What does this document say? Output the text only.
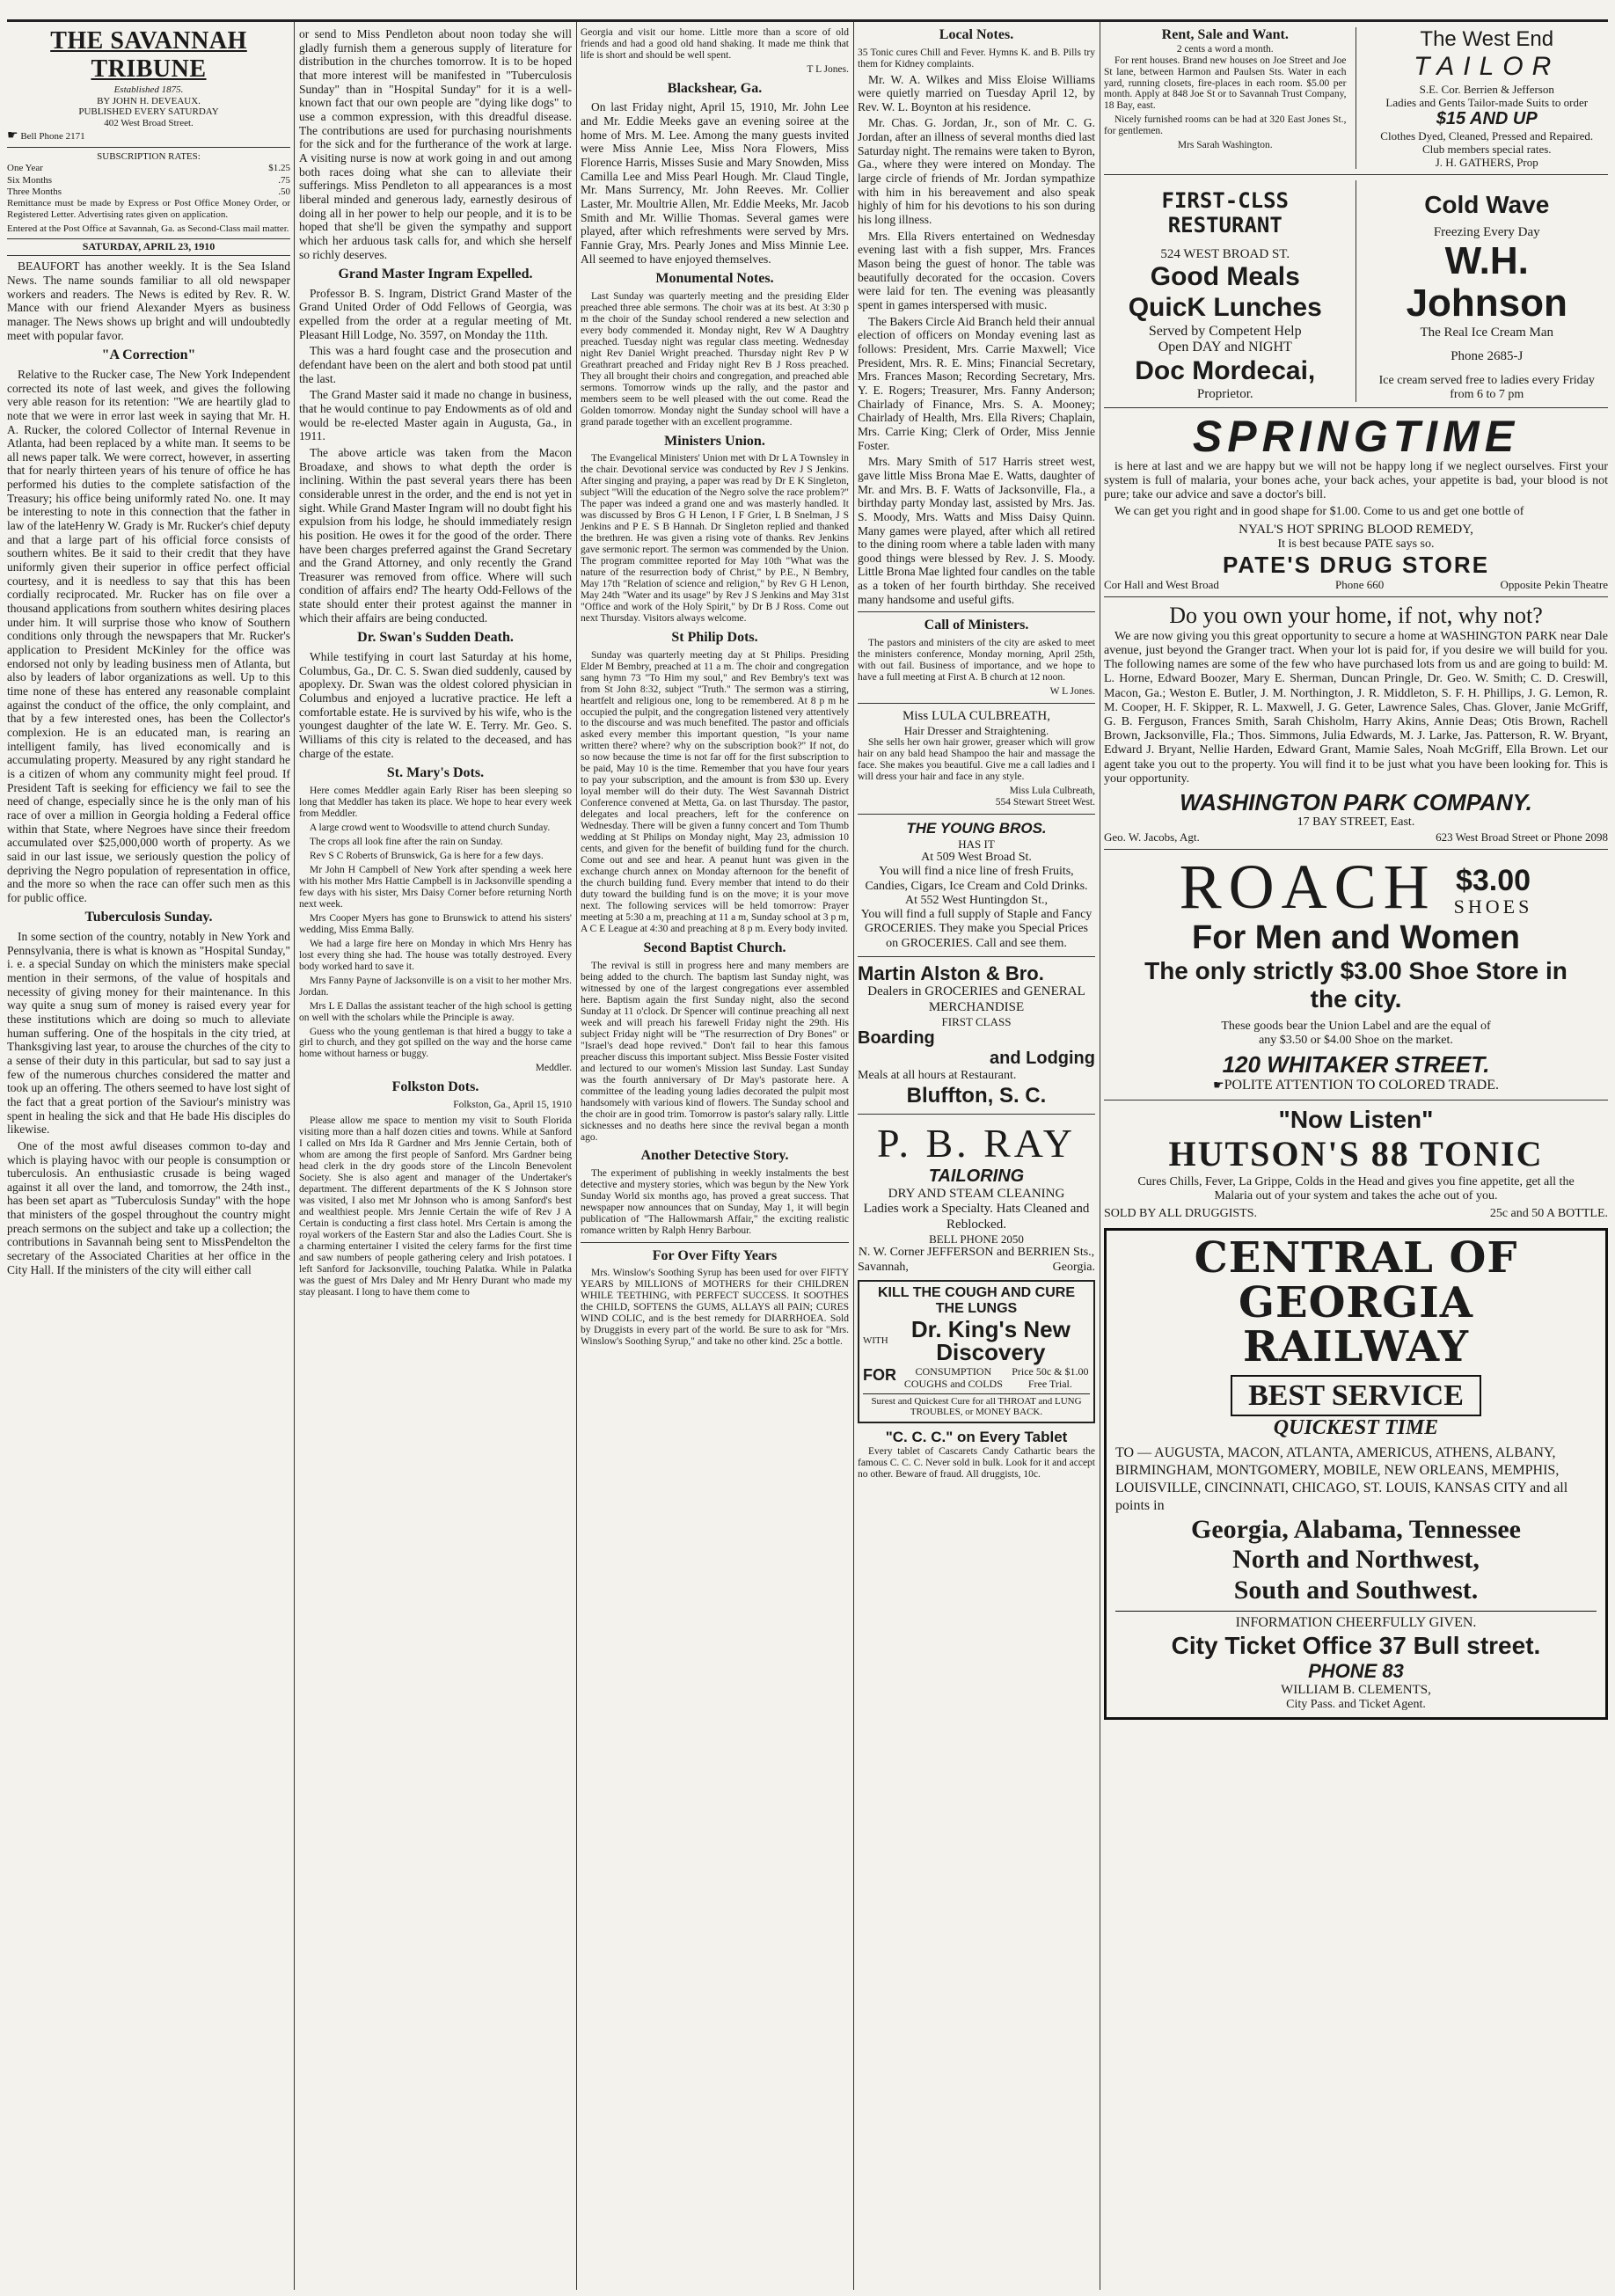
THE SAVANNAH TRIBUNE
Established 1875.
BY JOHN H. DEVEAUX.
PUBLISHED EVERY SATURDAY
402 West Broad Street.
☛ Bell Phone 2171
SUBSCRIPTION RATES:
One Year	$1.25
Six Months	.75
Three Months	.50
Remittance must be made by Express or Post Office Money Order, or Registered Letter. Advertising rates given on application.
Entered at the Post Office at Savannah, Ga. as Second-Class mail matter.
SATURDAY, APRIL 23, 1910

BEAUFORT has another weekly. It is the Sea Island News. The name sounds familiar to all old newspaper workers and readers. The News is edited by Rev. R. W. Mance with our friend Alexander Myers as business manager. The News shows up bright and will undoubtedly meet with popular favor.

"A Correction"

Relative to the Rucker case, The New York Independent corrected its note of last week, and gives the following very able reason for its retention: "We are heartily glad to note that we were in error last week in saying that Mr. H. A. Rucker, the colored Collector of Internal Revenue in Atlanta, had been replaced by a white man. It seems to be all news paper talk. We were correct, however, in asserting that for nearly thirteen years of his tenure of office he has performed his duties to the complete satisfaction of the Treasury; his office being uniformly rated No. one. It may be interesting to note in this connection that the father in law of the lateHenry W. Grady is Mr. Rucker's chief deputy and that a large part of his official force consists of southern whites. Be it said to their credit that they have uniformly given their superior in office perfect official courtesy, and it is needless to say that this has been cordially reciprocated. Mr. Rucker has on file over a thousand applications from southern whites desiring places under him. It will surprise those who know of Southern conditions only through the newspapers that Mr. Rucker's application to President McKinley for the office was endorsed not only by leading business men of Atlanta, but also by leaders of labor organizations as well. Up to this time none of these has entered any reasonable complaint against the conduct of the office, the only complaint, and that by a few interested ones, has been the Collector's complexion. He is an educated man, is rearing an intelligent family, has lived economically and is accumulating property. Measured by any right standard he is a citizen of whom any community might feel proud. If President Taft is seeking for efficiency we fail to see the need of change, especially since he is the only man of his race of over a million in Georgia holding a Federal office within that State, where Negroes have since their freedom accumulated over $25,000,000 worth of property. As we said in our last issue, we seriously question the policy of depriving the Negro population of representation in office, and the more so when the race can offer such men as this for public office.

Tuberculosis Sunday.

In some section of the country, notably in New York and Pennsylvania, there is what is known as "Hospital Sunday," i. e. a special Sunday on which the ministers make special mention in their sermons, of the value of hospitals and necessity of giving money for their maintenance. In this way quite a snug sum of money is raised every year for these institutions which are doing so much to alleviate human suffering. One of the hospitals in the city tried, at Thanksgiving last year, to arouse the churches of the city to a sense of their duty in this particular, but sad to say just a few of the numerous churches considered the matter and took up an offering. The others seemed to have lost sight of the fact that a great portion of the Saviour's ministry was spent in healing the sick and that He bade His disciples do likewise.

One of the most awful diseases common to-day and which is playing havoc with our people is consumption or tuberculosis. An enthusiastic crusade is being waged against it all over the land, and tomorrow, the 24th inst., has been set apart as "Tuberculosis Sunday" with the hope that ministers of the gospel throughout the country might preach sermons on the subject and take up a collection; the contributions in Savannah being sent to MissPendelton the secretary of the Associated Charities at her office in the City Hall. If the ministers of the city will either call

or send to Miss Pendleton about noon today she will gladly furnish them a generous supply of literature for distribution in the churches tomorrow. It is to be hoped that more interest will be manifested in "Tuberculosis Sunday" than in "Hospital Sunday" for it is a well-known fact that our own people are "dying like dogs" to use a common expression, with this dreadful disease. The contributions are used for purchasing nourishments for the sick and for the furtherance of the work at large. A visiting nurse is now at work going in and out among both races doing what she can to alleviate their sufferings. Miss Pendleton to all appearances is a most liberal minded and generous lady, earnestly desirous of doing all in her power to help our people, and it is to be hoped that she'll be given the sympathy and support which her arduous task calls for, and which she herself so richly deserves.

Grand Master Ingram Expelled.

Professor B. S. Ingram, District Grand Master of the Grand United Order of Odd Fellows of Georgia, was expelled from the order at a regular meeting of Mt. Pleasant Hill Lodge, No. 3597, on Monday the 11th.

This was a hard fought case and the prosecution and defendant have been on the alert and both stood pat until the last.

The Grand Master said it made no change in business, that he would continue to pay Endowments as of old and would be re-elected Master again in Augusta, Ga., in 1911.

The above article was taken from the Macon Broadaxe, and shows to what depth the order is inclining. Within the past several years there has been considerable unrest in the order, and the end is not yet in sight. While Grand Master Ingram will no doubt fight his expulsion from his lodge, he should immediately resign his position. He owes it for the good of the order. There have been charges preferred against the Grand Secretary and the Grand Attorney, and only recently the Grand Treasurer was removed from office. Where will such condition of affairs end? The hearty Odd-Fellows of the state should enter their protest against the manner in which their affairs are being conducted.

Dr. Swan's Sudden Death.

While testifying in court last Saturday at his home, Columbus, Ga., Dr. C. S. Swan died suddenly, caused by apoplexy. Dr. Swan was the oldest colored physician in Columbus and enjoyed a lucrative practice. He left a comfortable estate. He is survived by his wife, who is the youngest daughter of the late W. E. Terry. Mr. Geo. S. Williams of this city is related to the deceased, and has charge of the estate.

St. Mary's Dots.

Here comes Meddler again Early Riser has been sleeping so long that Meddler has taken its place. We hope to hear every week from Meddler.

A large crowd went to Woodsville to attend church Sunday.

The crops all look fine after the rain on Sunday.

Rev S C Roberts of Brunswick, Ga is here for a few days.

Mr John H Campbell of New York after spending a week here with his mother Mrs Hattie Campbell is in Jacksonville spending a few days with his sister, Mrs Daisy Corner before returning North next week.

Mrs Cooper Myers has gone to Brunswick to attend his sisters' wedding, Miss Emma Bally.

We had a large fire here on Monday in which Mrs Henry has lost every thing she had. The house was totally destroyed. Every body worked hard to save it.

Mrs Fanny Payne of Jacksonville is on a visit to her mother Mrs. Jordan.

Mrs L E Dallas the assistant teacher of the high school is getting on well with the scholars while the Principle is away.

Guess who the young gentleman is that hired a buggy to take a girl to church, and they got spilled on the way and the horse came home without harness or buggy.

Meddler.

Folkston Dots.

Folkston, Ga., April 15, 1910

Please allow me space to mention my visit to South Florida visiting more than a half dozen cities and towns. While at Sanford I called on Mrs Ida R Gardner and Mrs Jennie Certain, both of whom are among the first people of Sanford. Mrs Gardner being head clerk in the dry goods store of the Lincoln Benevolent Society. She is also agent and manager of the Undertaker's department. The different departments of the K S Johnson store was visited, I also met Mr Johnson who is among Sanford's best and wealthiest people. Mrs Jennie Certain the wife of Rev J A Certain is conducting a first class hotel. Mrs Certain is among the royal workers of the Eastern Star and also the Ladies Court. She is a charming entertainer I visited the celery farms for the first time and saw numbers of people gathering celery and Irish potatoes. I left Sanford for Jacksonville, touching Palatka. While in Palatka was the guest of Mrs Daley and Mr Henry Durant who made my stay pleasant. I long to have them come to

Georgia and visit our home. Little more than a score of old friends and had a good old hand shaking. It made me think that life is short and should be well spent.

T L Jones.

Blackshear, Ga.

On last Friday night, April 15, 1910, Mr. John Lee and Mr. Eddie Meeks gave an evening soiree at the home of Mrs. M. Lee. Among the many guests invited were Miss Annie Lee, Miss Nora Flowers, Miss Florence Harris, Misses Susie and Mary Snowden, Miss Camilla Lee and Miss Pearl Hough. Mr. Claud Tingle, Mr. Mans Surrency, Mr. John Reeves. Mr. Collier Laster, Mr. Moultrie Allen, Mr. Eddie Meeks, Mr. Jacob Smith and Mr. Willie Thomas. Several games were played, after which refreshments were served by Mrs. Fannie Gray, Mrs. Pearly Jones and Miss Minnie Lee. All seemed to have enjoyed themselves.

Monumental Notes.

Last Sunday was quarterly meeting and the presiding Elder preached three able sermons. The choir was at its best. At 3:30 p m the choir of the Sunday school rendered a new selection and every body commended it. Monday night, Rev W A Daughtry preached. Tuesday night was regular class meeting. Wednesday night Rev Daniel Wright preached. Thursday night Rev P W Greathrart preached and Friday night Rev B J Ross preached. They all brought their choirs and congregation, and preached able sermons. Tomorrow winds up the rally, and the pastor and members seem to be well pleased with the out come. Read the Golden tomorrow. Monday night the Sunday school will have a grand parade together with an excellent programme.

Ministers Union.

The Evangelical Ministers' Union met with Dr L A Townsley in the chair. Devotional service was conducted by Rev J S Jenkins. After singing and praying, a paper was read by Dr E K Singleton, subject "Will the education of the Negro solve the race problem?" The paper was indeed a grand one and was masterly handled. It was discussed by Bros G H Lenon, I F Grier, L B Snelman, J S Jenkins and P E. S B Hannah. Dr Singleton replied and thanked the brethren. He was given a rising vote of thanks. Rev Jenkins gave sermonic report. The sermon was commended by the Union. The program committee reported for May 10th "What was the nature of the resurrection body of Christ," by P.E., N Bembry, May 17th "Relation of science and religion," by Rev G H Lenon, May 24th "Water and its usage" by Rev J S Jenkins and May 31st "Office and work of the Holy Spirit," by Dr B J Ross. Come out next Thursday. Visitors always welcome.

St Philip Dots.

Sunday was quarterly meeting day at St Philips. Presiding Elder M Bembry, preached at 11 a m. The choir and congregation sang hymn 73 "To Him my soul," and Rev Bembry's text was from St John 8:32, subject "Truth." The sermon was a stirring, heartfelt and religious one, long to be remembered. At 8 p m he occupied the pulpit, and the congregation listened very attentively to the discourse and was much benefited. The pastor and officials asked every member this important question, "Is your name written there? where? why on the subscription book?" If not, do so now because the time is not far off for the first subscription to be paid, May 10 is the time. Remember that you have four years to pay your subscription, and the amount is from $30 up. Every loyal member will do their duty. The West Savannah District Conference convened at Metta, Ga. on last Thursday. The pastor, delegates and local preachers, left for the conference on Wednesday. There will be given a funny concert and Tom Thumb wedding at St Philips on Monday night, May 23, admission 10 cents, and given for the benefit of building fund for the church. Come out and see and hear. A peanut hunt was given in the exchange church annex on Monday afternoon for the benefit of the church building fund. Every member that intend to do their duty toward the building fund is on the move; it is your move next. The following services will be held tomorrow: Prayer meeting at 5:30 a m, preaching at 11 a m, Sunday school at 3 p m, A C E League at 4:30 and preaching at 8 p m. Every body invited.

Second Baptist Church.

The revival is still in progress here and many members are being added to the church. The baptism last Sunday night, was witnessed by one of the largest congregations ever assembled here. Baptism again the first Sunday night, also the second Sunday at 11 o'clock. Dr Spencer will continue preaching all next week and will preach his farewell Friday night the 29th. His subject Friday night will be "The resurrection of Dry Bones" or "Israel's dead hope revived." Don't fail to hear this famous preacher discuss this important subject. Miss Bessie Foster visited and lectured to our women's Mission last Sunday. Last Sunday was the fourth anniversary of Dr May's pastorate here. A committee of the leading young ladies decorated the pulpit most handsomely with various kind of flowers. The Sunday school and the choir are in good trim. Tomorrow is pastor's salary rally. Little sicknesses and no deaths here since the revival began a month ago.

Another Detective Story.

The experiment of publishing in weekly instalments the best detective and mystery stories, which was begun by the New York Sunday World six months ago, has proved a great success. That newspaper now announces that on Sunday, May 1, it will begin publication of "The Hallowmarsh Affair," the exciting realistic romance written by Ralph Henry Barbour.

For Over Fifty Years

Mrs. Winslow's Soothing Syrup has been used for over FIFTY YEARS by MILLIONS of MOTHERS for their CHILDREN WHILE TEETHING, with PERFECT SUCCESS. It SOOTHES the CHILD, SOFTENS the GUMS, ALLAYS all PAIN; CURES WIND COLIC, and is the best remedy for DIARRHOEA. Sold by Druggists in every part of the world. Be sure to ask for "Mrs. Winslow's Soothing Syrup," and take no other kind. 25c a bottle.

Local Notes.

35 Tonic cures Chill and Fever. Hymns K. and B. Pills try them for Kidney complaints.

Mr. W. A. Wilkes and Miss Eloise Williams were quietly married on Tuesday April 12, by Rev. W. L. Boynton at his residence.

Mr. Chas. G. Jordan, Jr., son of Mr. C. G. Jordan, after an illness of several months died last Saturday night. The remains were taken to Byron, Ga., where they were intered on Monday. The large circle of friends of Mr. Jordan sympathize with him in his bereavement and also speak highly of him for his devotions to his son during his long illness.

Mrs. Ella Rivers entertained on Wednesday evening last with a fish supper, Mrs. Frances Mason being the guest of honor. The table was beautifully decorated for the occasion. Covers were laid for ten. The evening was pleasantly spent in games interspersed with music.

The Bakers Circle Aid Branch held their annual election of officers on Monday evening last as follows: President, Mrs. Carrie Maxwell; Vice President, Mrs. R. E. Mins; Financial Secretary, Mrs. Frances Mason; Recording Secretary, Mrs. Y. E. Rogers; Treasurer, Mrs. Fanny Anderson; Chairlady of Finance, Mrs. S. A. Mooney; Chairlady of Health, Mrs. Ella Rivers; Chaplain, Mrs. Carrie King; Clerk of Order, Miss Jennie Foster.

Mrs. Mary Smith of 517 Harris street west, gave little Miss Brona Mae E. Watts, daughter of Mr. and Mrs. B. F. Watts of Jacksonville, Fla., a birthday party Monday last, assisted by Mrs. Jas. S. Moody, Mrs. Watts and Miss Daisy Quinn. Many games were played, after which all retired to the dining room where a table laden with many good things were blessed by Rev. J. S. Moody. Little Brona Mae lighted four candles on the table as a token of her fourth birthday. She received many handsome and useful gifts.

Call of Ministers.

The pastors and ministers of the city are asked to meet the ministers conference, Monday morning, April 25th, with out fail. Business of importance, and we hope to have a full meeting at First A. B church at 12 noon.

W L Jones.

Miss LULA CULBREATH,
Hair Dresser and Straightening.

She sells her own hair grower, greaser which will grow hair on any bald head Shampoo the hair and massage the face. She makes you beautiful. Give me a call ladies and I will dress your hair and face in any style.

Miss Lula Culbreath,
554 Stewart Street West.
THE YOUNG BROS.
HAS IT
At 509 West Broad St.
You will find a nice line of fresh Fruits, Candies, Cigars, Ice Cream and Cold Drinks.
At 552 West Huntingdon St.,
You will find a full supply of Staple and Fancy GROCERIES. They make you Special Prices on GROCERIES. Call and see them.
Martin Alston & Bro.
Dealers in GROCERIES and GENERAL MERCHANDISE
FIRST CLASS
Boarding
and Lodging
Meals at all hours at Restaurant.
Bluffton, S. C.
P. B. RAY
TAILORING
DRY AND STEAM CLEANING
Ladies work a Specialty. Hats Cleaned and Reblocked.
BELL PHONE 2050
N. W. Corner JEFFERSON and BERRIEN Sts.,
Savannah,	Georgia.
KILL THE COUGH AND CURE THE LUNGS
WITH	Dr. King's New Discovery
FOR	CONSUMPTION COUGHS and COLDS
Price 50c & $1.00 Free Trial.
Surest and Quickest Cure for all THROAT and LUNG TROUBLES, or MONEY BACK.
"C. C. C." on Every Tablet

Every tablet of Cascarets Candy Cathartic bears the famous C. C. C. Never sold in bulk. Look for it and accept no other. Beware of fraud. All druggists, 10c.

Rent, Sale and Want.
2 cents a word a month.

For rent houses. Brand new houses on Joe Street and Joe St lane, between Harmon and Paulsen Sts. Water in each yard, running closets, fire-places in each room. $5.00 per month. Apply at 848 Joe St or to Savannah Trust Company, 18 Bay, east.

Nicely furnished rooms can be had at 320 East Jones St., for gentlemen.

Mrs Sarah Washington.
The West End
TAILOR
S.E. Cor. Berrien & Jefferson
Ladies and Gents Tailor-made Suits to order
$15 AND UP
Clothes Dyed, Cleaned, Pressed and Repaired.
Club members special rates.
J. H. GATHERS, Prop
FIRST-CLSS RESTURANT
524 WEST BROAD ST.
Good Meals
QuicK Lunches
Served by Competent Help
Open DAY and NIGHT
Doc Mordecai,
Proprietor.
Cold Wave
Freezing Every Day
W.H. Johnson
The Real Ice Cream Man
Phone 2685-J
Ice cream served free to ladies every Friday from 6 to 7 pm
SPRINGTIME

is here at last and we are happy but we will not be happy long if we neglect ourselves. First your system is full of malaria, your bones ache, your back aches, your appetite is bad, your blood is not pure; take our advice and save a doctor's bill.

We can get you right and in good shape for $1.00. Come to us and get one bottle of

NYAL'S HOT SPRING BLOOD REMEDY,
It is best because PATE says so.
PATE'S DRUG STORE
Cor Hall and West Broad	Phone 660	Opposite Pekin Theatre
Do you own your home, if not, why not?

We are now giving you this great opportunity to secure a home at WASHINGTON PARK near Dale avenue, just beyond the Granger tract. When your lot is paid for, if you desire we will build for you. The following names are some of the few who have purchased lots from us and are going to build: M. L. Horne, Edward Boozer, Mary E. Sherman, Duncan Pringle, Dr. Geo. W. Smith; C. D. Creswill, Macon, Ga.; Weston E. Butler, J. M. Northington, J. R. Middleton, S. F. H. Phillips, J. G. Lemon, R. M. Cooper, H. F. Skipper, R. L. Maxwell, J. G. Geter, Lawrence Sales, Chas. Glover, Janie McGriff, G. B. Ferguson, Frances Smith, Sarah Chisholm, Harry Akins, Annie Deas; Otis Brown, Rachell Brown, Jacksonville, Fla.; Thos. Simmons, Julia Edwards, M. J. Larke, Jas. Patterson, R. W. Bryant, Edward J. Bryant, Nellie Harden, Edward Grant, Mamie Sales, Noah McGriff, Ella Brown. Let our agent take you out to the property. You will find it to be just what you have been looking for. This is your opportunity.

WASHINGTON PARK COMPANY.
17 BAY STREET, East.
Geo. W. Jacobs, Agt.	623 West Broad Street or Phone 2098
ROACH $3.00
SHOES
For Men and Women
The only strictly $3.00 Shoe Store in the city.
These goods bear the Union Label and are the equal of any $3.50 or $4.00 Shoe on the market.
120 WHITAKER STREET.
☛POLITE ATTENTION TO COLORED TRADE.
"Now Listen"
HUTSON'S 88 TONIC
Cures Chills, Fever, La Grippe, Colds in the Head and gives you fine appetite, get all the Malaria out of your system and takes the ache out of you.
SOLD BY ALL DRUGGISTS.	25c and 50 A BOTTLE.
CENTRAL OF GEORGIA
RAILWAY
BEST SERVICE
QUICKEST TIME
TO — AUGUSTA, MACON, ATLANTA, AMERICUS, ATHENS, ALBANY, BIRMINGHAM, MONTGOMERY, MOBILE, NEW ORLEANS, MEMPHIS, LOUISVILLE, CINCINNATI, CHICAGO, ST. LOUIS, KANSAS CITY and all points in
Georgia, Alabama, Tennessee
North and Northwest,
South and Southwest.
INFORMATION CHEERFULLY GIVEN.
City Ticket Office 37 Bull street.
PHONE 83
WILLIAM B. CLEMENTS,
City Pass. and Ticket Agent.
